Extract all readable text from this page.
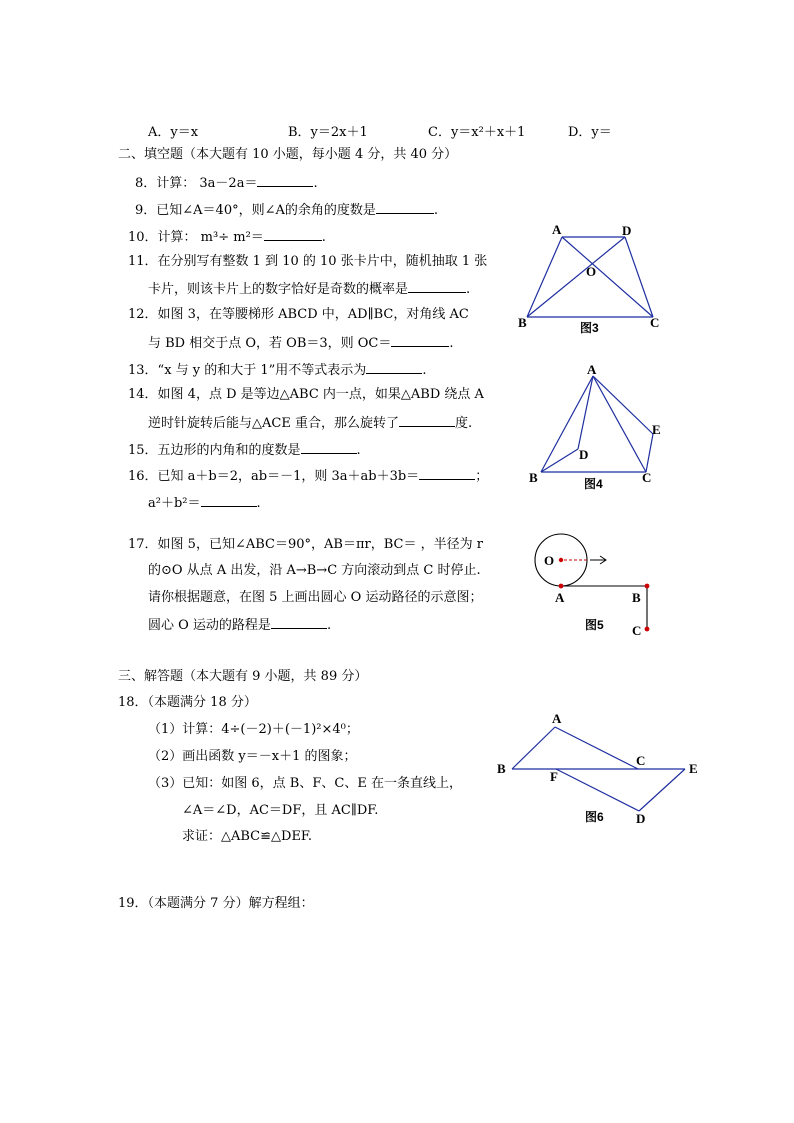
A．y＝x	B．y＝2x＋1	C．y＝x²＋x＋1	D．y＝
二、填空题（本大题有 10 小题，每小题 4 分，共 40 分）
8．计算： 3a－2a＝	.
9．已知∠A＝40°，则∠A的余角的度数是	.
10．计算： m³÷ m²＝	.
11．在分别写有整数 1 到 10 的 10 张卡片中，随机抽取 1 张
卡片，则该卡片上的数字恰好是奇数的概率是	.
12．如图 3，在等腰梯形 ABCD 中，AD∥BC，对角线 AC
与 BD 相交于点 O，若 OB＝3，则 OC＝	.
13．“x 与 y 的和大于 1”用不等式表示为	.
14．如图 4，点 D 是等边△ABC 内一点，如果△ABD 绕点 A
逆时针旋转后能与△ACE 重合，那么旋转了	度.
15．五边形的内角和的度数是	.
16．已知 a＋b＝2，ab＝－1，则 3a＋ab＋3b＝	；
a²＋b²＝	.
17．如图 5，已知∠ABC＝90°，AB＝πr，BC＝ ，半径为 r
的⊙O 从点 A 出发，沿 A→B→C 方向滚动到点 C 时停止.
请你根据题意，在图 5 上画出圆心 O 运动路径的示意图；
圆心 O 运动的路程是	.
三、解答题（本大题有 9 小题，共 89 分）
18．（本题满分 18 分）
（1）计算：4÷(－2)＋(－1)²×4⁰；
（2）画出函数 y＝－x＋1 的图象；
（3）已知：如图 6，点 B、F、C、E 在一条直线上，
∠A＝∠D，AC＝DF，且 AC∥DF.
求证：△ABC≌△DEF.
19．（本题满分 7 分）解方程组：
A	D
O
B	C
图3
A
E
D
B	C
图4
O
A	B
C
图5
A
B
C
F
E
D
图6
